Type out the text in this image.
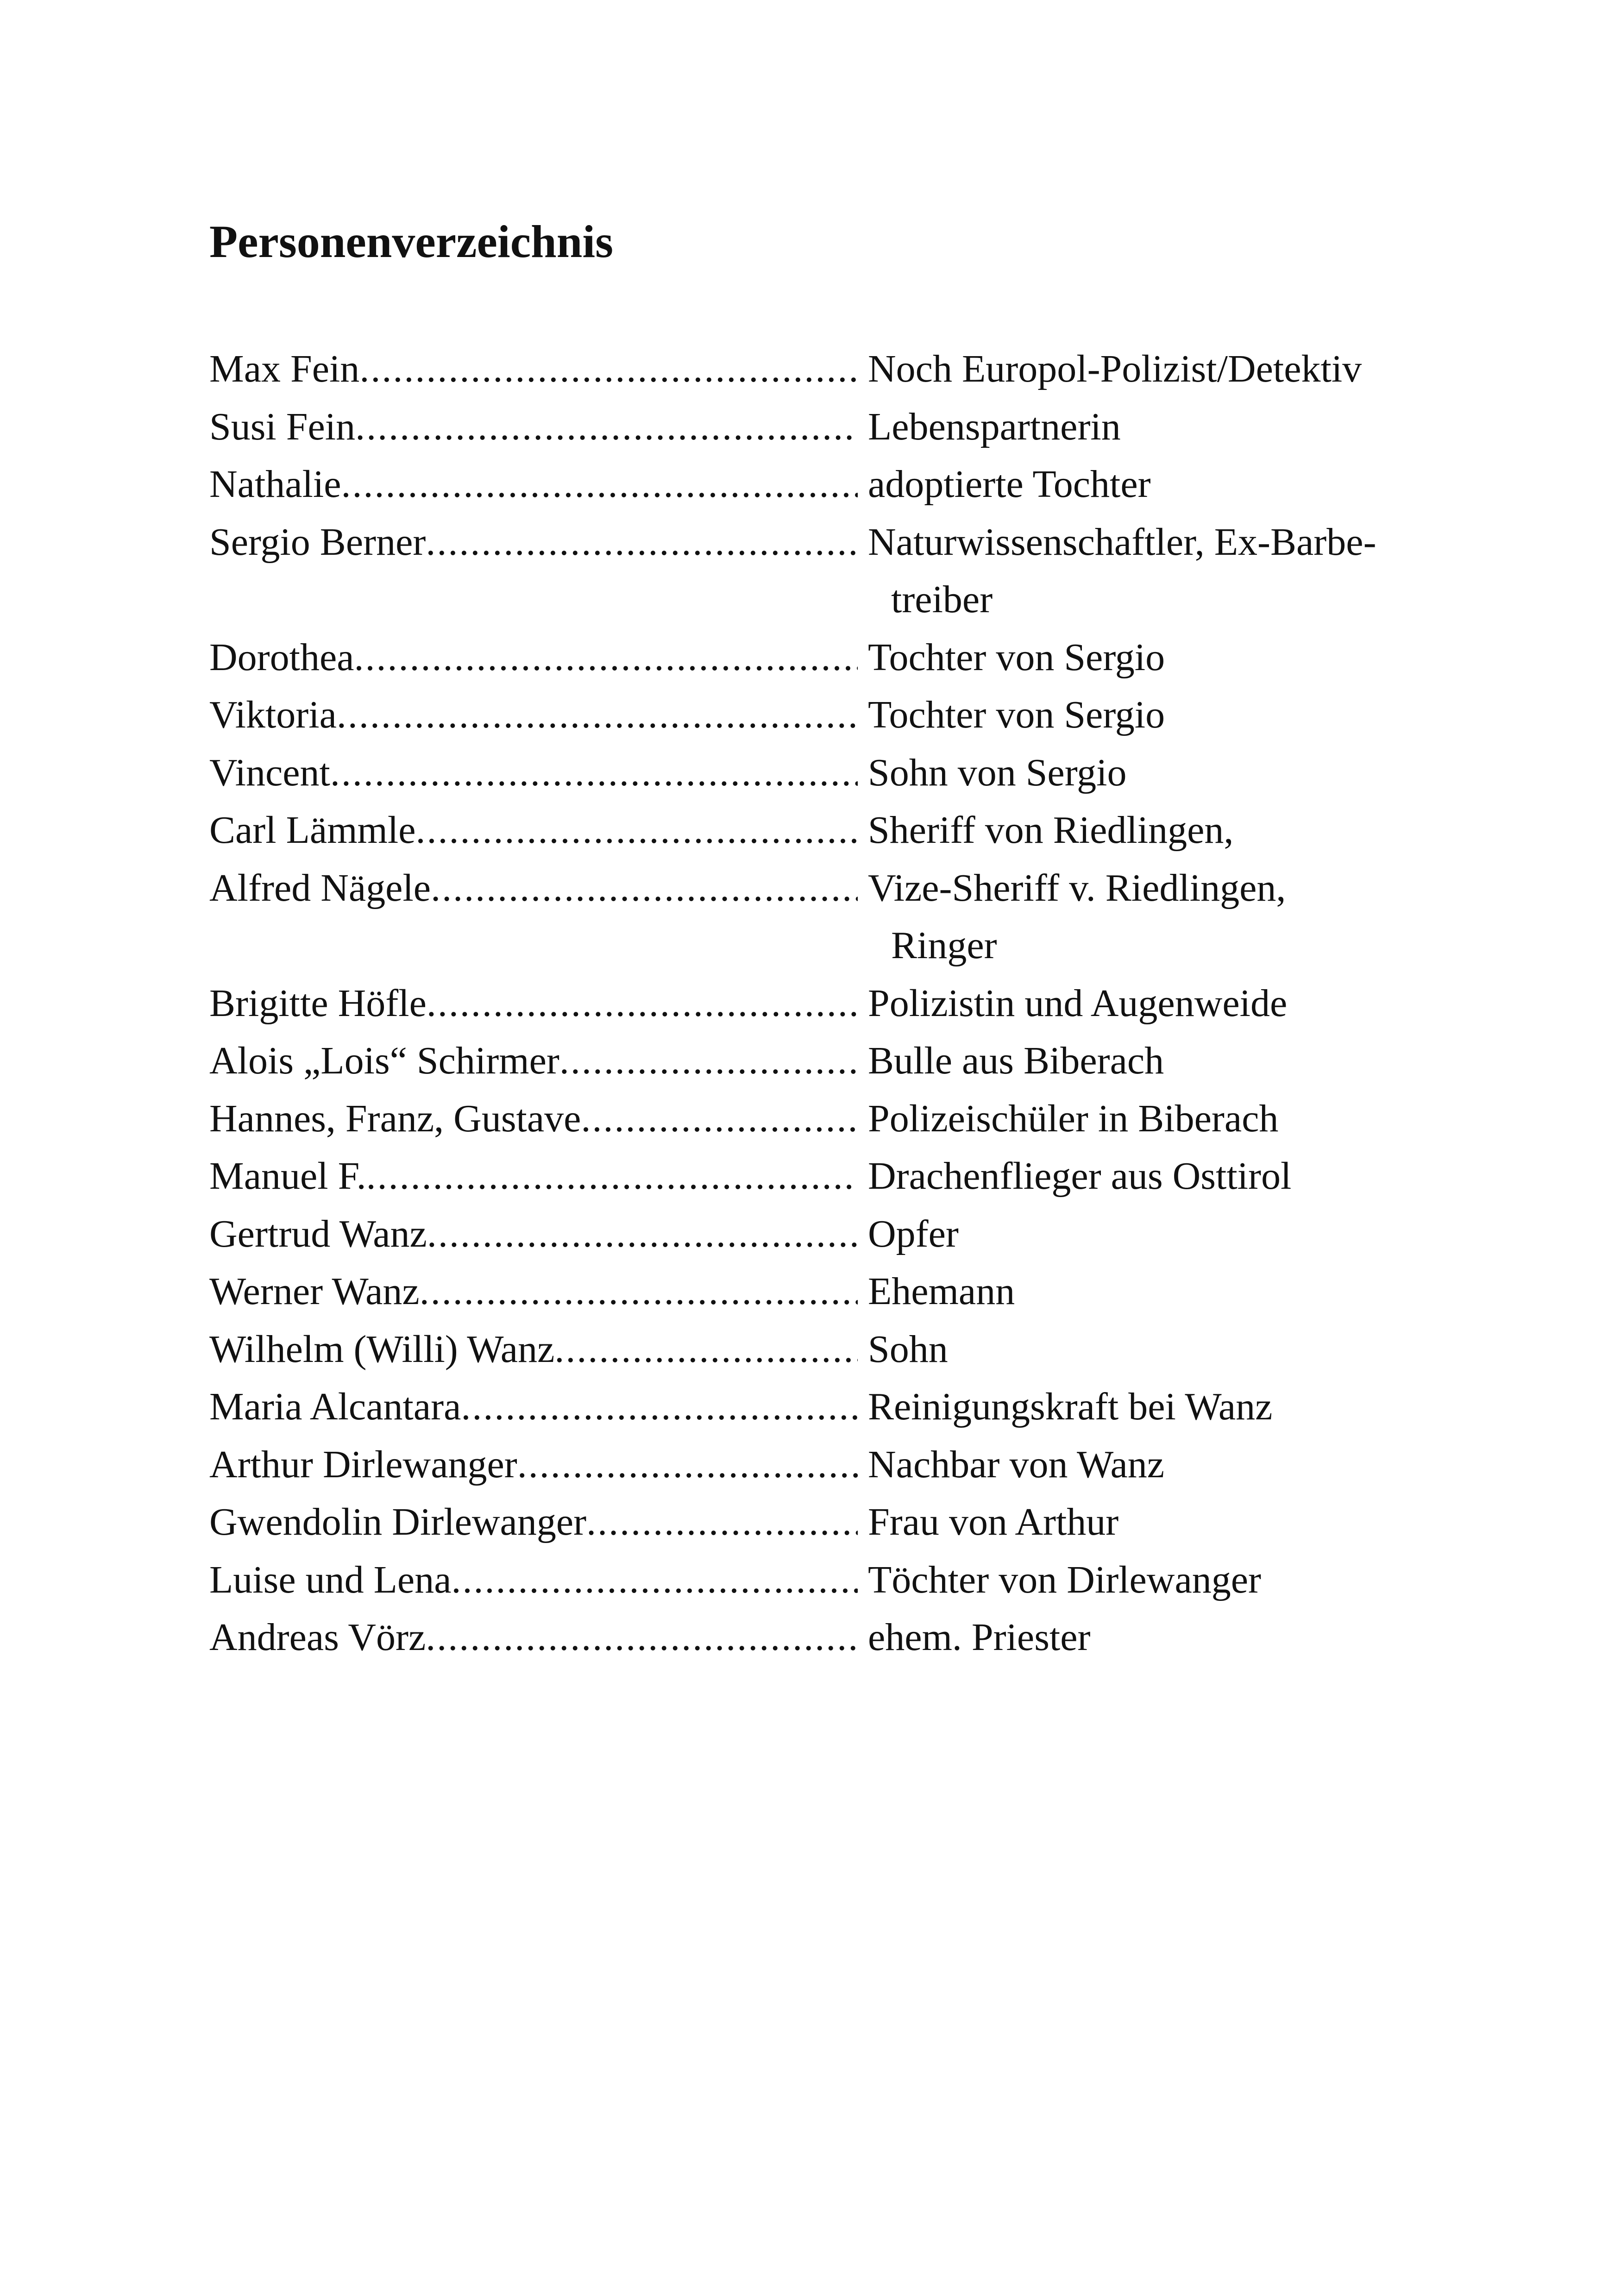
Personenverzeichnis
Max Fein .....	Noch Europol-Polizist/Detektiv
Susi Fein .....	Lebenspartnerin
Nathalie .....	adoptierte Tochter
Sergio Berner .....	Naturwissenschaftler, Ex-Barbe-
treiber
Dorothea .....	Tochter von Sergio
Viktoria .....	Tochter von Sergio
Vincent .....	Sohn von Sergio
Carl Lämmle .....	Sheriff von Riedlingen,
Alfred Nägele .....	Vize-Sheriff v. Riedlingen,
Ringer
Brigitte Höfle .....	Polizistin und Augenweide
Alois „Lois“ Schirmer .....	Bulle aus Biberach
Hannes, Franz, Gustave .....	Polizeischüler in Biberach
Manuel F. .....	Drachenflieger aus Osttirol
Gertrud Wanz .....	Opfer
Werner Wanz .....	Ehemann
Wilhelm (Willi) Wanz .....	Sohn
Maria Alcantara .....	Reinigungskraft bei Wanz
Arthur Dirlewanger .....	Nachbar von Wanz
Gwendolin Dirlewanger .....	Frau von Arthur
Luise und Lena .....	Töchter von Dirlewanger
Andreas Vörz .....	ehem. Priester
